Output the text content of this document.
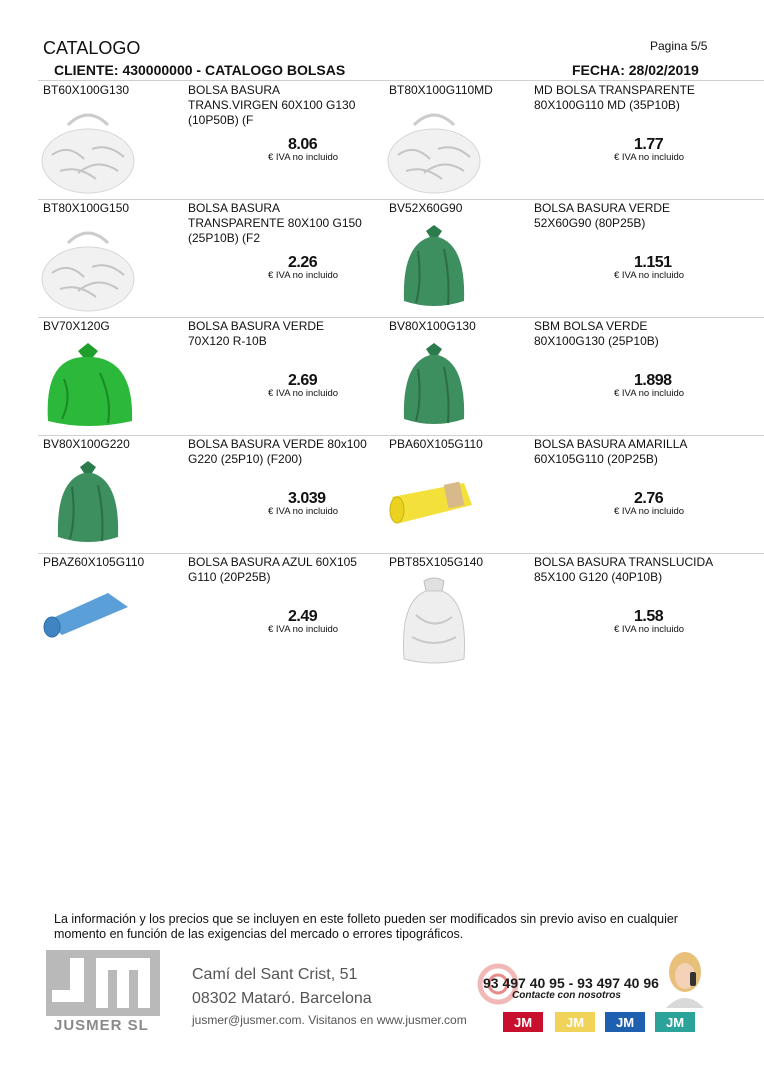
CATALOGO	Pagina 5/5
CLIENTE: 430000000 - CATALOGO BOLSAS	FECHA: 28/02/2019
BT60X100G130	BOLSA BASURA TRANS.VIRGEN 60X100 G130 (10P50B) (F
8.06
€ IVA no incluido
BT80X100G110MD	MD BOLSA TRANSPARENTE 80X100G110 MD (35P10B)
1.77
€ IVA no incluido
BT80X100G150	BOLSA BASURA TRANSPARENTE 80X100 G150 (25P10B) (F2
2.26
€ IVA no incluido
BV52X60G90	BOLSA BASURA VERDE 52X60G90 (80P25B)
1.151
€ IVA no incluido
BV70X120G	BOLSA BASURA VERDE 70X120 R-10B
2.69
€ IVA no incluido
BV80X100G130	SBM BOLSA VERDE 80X100G130 (25P10B)
1.898
€ IVA no incluido
BV80X100G220	BOLSA BASURA VERDE 80x100 G220 (25P10) (F200)
3.039
€ IVA no incluido
PBA60X105G110	BOLSA BASURA AMARILLA 60X105G110 (20P25B)
2.76
€ IVA no incluido
PBAZ60X105G110	BOLSA BASURA AZUL 60X105 G110 (20P25B)
2.49
€ IVA no incluido
PBT85X105G140	BOLSA BASURA TRANSLUCIDA 85X100 G120 (40P10B)
1.58
€ IVA no incluido
La información y los precios que se incluyen en este folleto pueden ser modificados sin previo aviso en cualquier momento en función de las exigencias del mercado o errores tipográficos.
JUSMER SL
Camí del Sant Crist, 51
08302 Mataró. Barcelona
jusmer@jusmer.com. Visitanos en www.jusmer.com
93 497 40 95 - 93 497 40 96
Contacte con nosotros
JM	JM JM JM
